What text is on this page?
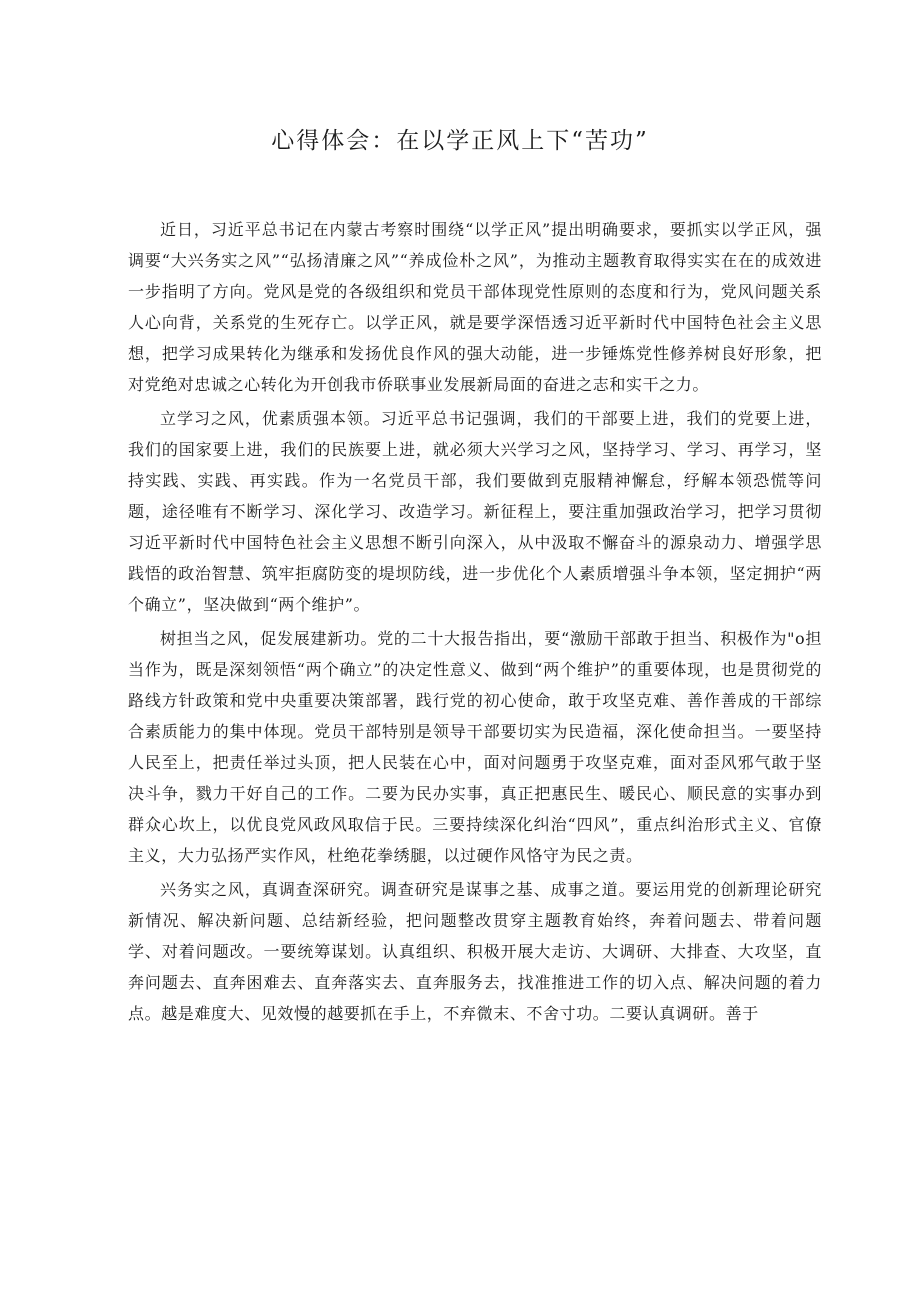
心得体会：在以学正风上下“苦功”

近日，习近平总书记在内蒙古考察时围绕“以学正风”提出明确要求，要抓实以学正风，强调要“大兴务实之风”“弘扬清廉之风”“养成俭朴之风”，为推动主题教育取得实实在在的成效进一步指明了方向。党风是党的各级组织和党员干部体现党性原则的态度和行为，党风问题关系人心向背，关系党的生死存亡。以学正风，就是要学深悟透习近平新时代中国特色社会主义思想，把学习成果转化为继承和发扬优良作风的强大动能，进一步锤炼党性修养树良好形象，把对党绝对忠诚之心转化为开创我市侨联事业发展新局面的奋进之志和实干之力。

立学习之风，优素质强本领。习近平总书记强调，我们的干部要上进，我们的党要上进，我们的国家要上进，我们的民族要上进，就必须大兴学习之风，坚持学习、学习、再学习，坚持实践、实践、再实践。作为一名党员干部，我们要做到克服精神懈怠，纾解本领恐慌等问题，途径唯有不断学习、深化学习、改造学习。新征程上，要注重加强政治学习，把学习贯彻习近平新时代中国特色社会主义思想不断引向深入，从中汲取不懈奋斗的源泉动力、增强学思践悟的政治智慧、筑牢拒腐防变的堤坝防线，进一步优化个人素质增强斗争本领，坚定拥护“两个确立”，坚决做到“两个维护”。

树担当之风，促发展建新功。党的二十大报告指出，要“激励干部敢于担当、积极作为"o担当作为，既是深刻领悟“两个确立”的决定性意义、做到“两个维护”的重要体现，也是贯彻党的路线方针政策和党中央重要决策部署，践行党的初心使命，敢于攻坚克难、善作善成的干部综合素质能力的集中体现。党员干部特别是领导干部要切实为民造福，深化使命担当。一要坚持人民至上，把责任举过头顶，把人民装在心中，面对问题勇于攻坚克难，面对歪风邪气敢于坚决斗争，戮力干好自己的工作。二要为民办实事，真正把惠民生、暖民心、顺民意的实事办到群众心坎上，以优良党风政风取信于民。三要持续深化纠治“四风”，重点纠治形式主义、官僚主义，大力弘扬严实作风，杜绝花拳绣腿，以过硬作风恪守为民之责。

兴务实之风，真调查深研究。调查研究是谋事之基、成事之道。要运用党的创新理论研究新情况、解决新问题、总结新经验，把问题整改贯穿主题教育始终，奔着问题去、带着问题学、对着问题改。一要统筹谋划。认真组织、积极开展大走访、大调研、大排查、大攻坚，直奔问题去、直奔困难去、直奔落实去、直奔服务去，找准推进工作的切入点、解决问题的着力点。越是难度大、见效慢的越要抓在手上，不弃微末、不舍寸功。二要认真调研。善于
